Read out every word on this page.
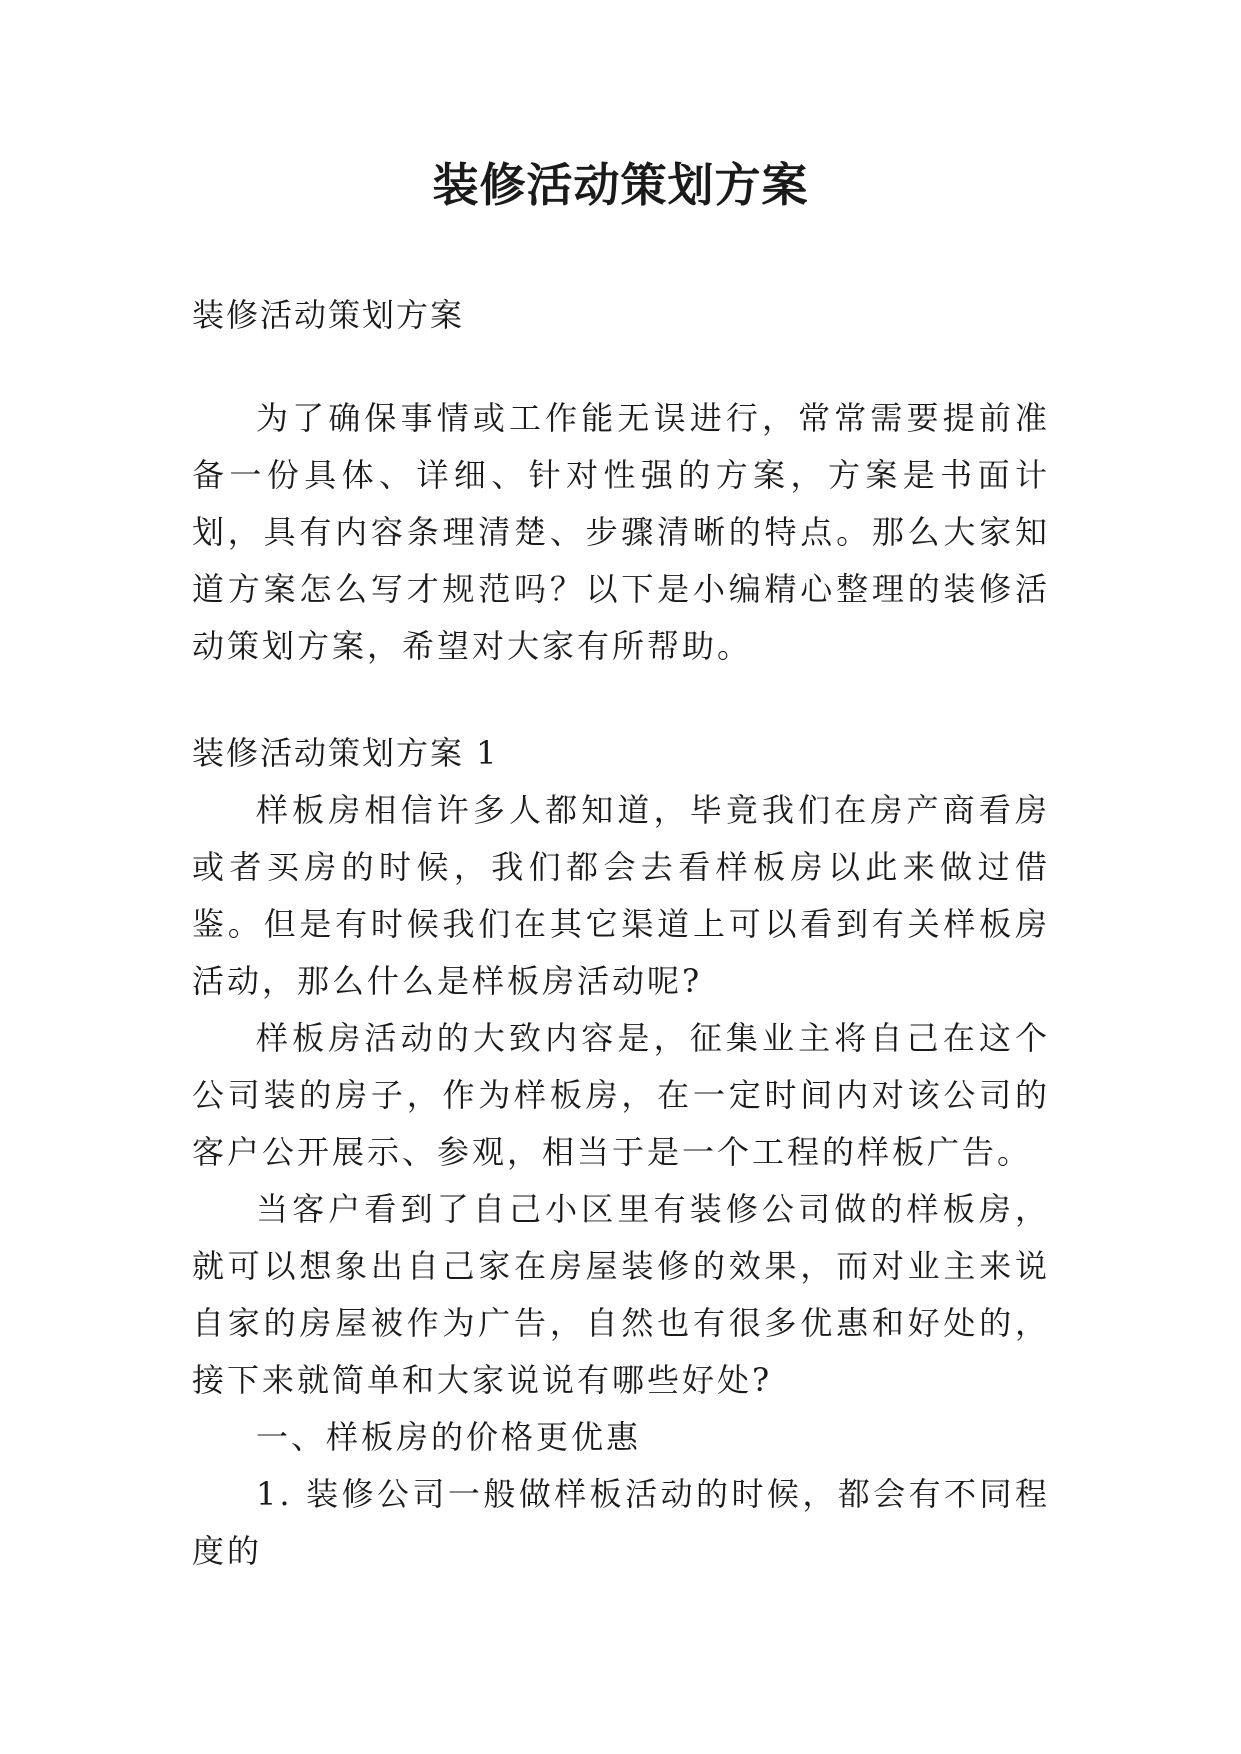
装修活动策划方案

装修活动策划方案

为了确保事情或工作能无误进行，常常需要提前准备一份具体、详细、针对性强的方案，方案是书面计划，具有内容条理清楚、步骤清晰的特点。那么大家知道方案怎么写才规范吗？以下是小编精心整理的装修活动策划方案，希望对大家有所帮助。

装修活动策划方案 1

样板房相信许多人都知道，毕竟我们在房产商看房或者买房的时候，我们都会去看样板房以此来做过借鉴。但是有时候我们在其它渠道上可以看到有关样板房活动，那么什么是样板房活动呢?

样板房活动的大致内容是，征集业主将自己在这个公司装的房子，作为样板房，在一定时间内对该公司的客户公开展示、参观，相当于是一个工程的样板广告。

当客户看到了自己小区里有装修公司做的样板房，就可以想象出自己家在房屋装修的效果，而对业主来说自家的房屋被作为广告，自然也有很多优惠和好处的，接下来就简单和大家说说有哪些好处?

一、样板房的价格更优惠

1. 装修公司一般做样板活动的时候，都会有不同程度的
